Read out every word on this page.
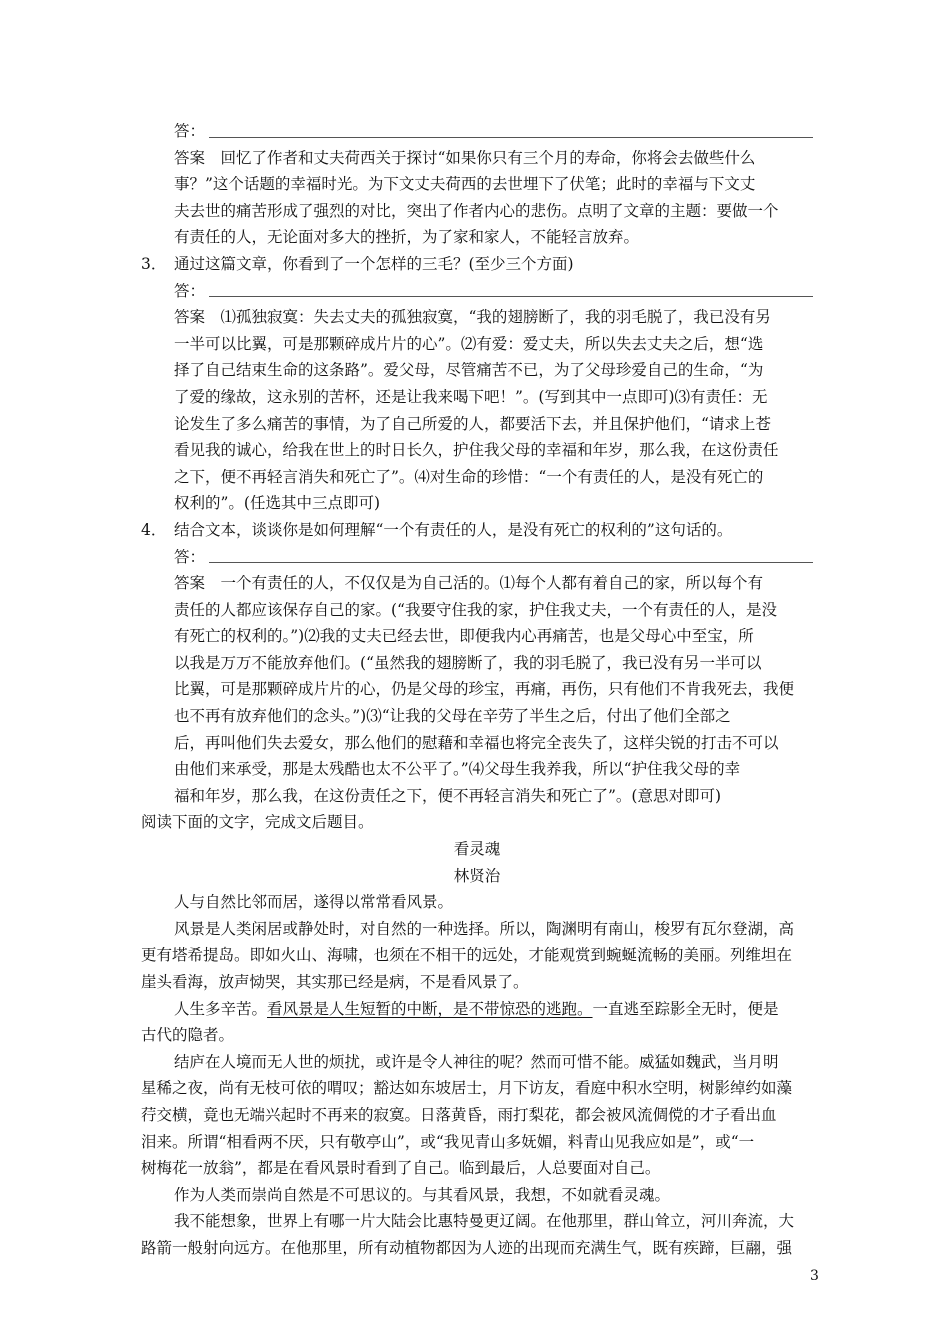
答：
答案　回忆了作者和丈夫荷西关于探讨“如果你只有三个月的寿命，你将会去做些什么
事？”这个话题的幸福时光。为下文丈夫荷西的去世埋下了伏笔；此时的幸福与下文丈
夫去世的痛苦形成了强烈的对比，突出了作者内心的悲伤。点明了文章的主题：要做一个
有责任的人，无论面对多大的挫折，为了家和家人，不能轻言放弃。
3． 通过这篇文章，你看到了一个怎样的三毛？(至少三个方面)
答：
答案　⑴孤独寂寞：失去丈夫的孤独寂寞，“我的翅膀断了，我的羽毛脱了，我已没有另
一半可以比翼，可是那颗碎成片片的心”。⑵有爱：爱丈夫，所以失去丈夫之后，想“选
择了自己结束生命的这条路”。爱父母，尽管痛苦不已，为了父母珍爱自己的生命，“为
了爱的缘故，这永别的苦杯，还是让我来喝下吧！”。(写到其中一点即可)⑶有责任：无
论发生了多么痛苦的事情，为了自己所爱的人，都要活下去，并且保护他们，“请求上苍
看见我的诚心，给我在世上的时日长久，护住我父母的幸福和年岁，那么我，在这份责任
之下，便不再轻言消失和死亡了”。⑷对生命的珍惜：“一个有责任的人，是没有死亡的
权利的”。(任选其中三点即可)
4． 结合文本，谈谈你是如何理解“一个有责任的人，是没有死亡的权利的”这句话的。
答：
答案　一个有责任的人，不仅仅是为自己活的。⑴每个人都有着自己的家，所以每个有
责任的人都应该保存自己的家。(“我要守住我的家，护住我丈夫，一个有责任的人，是没
有死亡的权利的。”)⑵我的丈夫已经去世，即便我内心再痛苦，也是父母心中至宝，所
以我是万万不能放弃他们。(“虽然我的翅膀断了，我的羽毛脱了，我已没有另一半可以
比翼，可是那颗碎成片片的心，仍是父母的珍宝，再痛，再伤，只有他们不肯我死去，我便
也不再有放弃他们的念头。”)⑶“让我的父母在辛劳了半生之后，付出了他们全部之
后，再叫他们失去爱女，那么他们的慰藉和幸福也将完全丧失了，这样尖锐的打击不可以
由他们来承受，那是太残酷也太不公平了。”⑷父母生我养我，所以“护住我父母的幸
福和年岁，那么我，在这份责任之下，便不再轻言消失和死亡了”。(意思对即可)
阅读下面的文字，完成文后题目。
看灵魂
林贤治
人与自然比邻而居，遂得以常常看风景。
风景是人类闲居或静处时，对自然的一种选择。所以，陶渊明有南山，梭罗有瓦尔登湖，高
更有塔希提岛。即如火山、海啸，也须在不相干的远处，才能观赏到蜿蜒流畅的美丽。列维坦在
崖头看海，放声恸哭，其实那已经是病，不是看风景了。
人生多辛苦。看风景是人生短暂的中断，是不带惊恐的逃跑。一直逃至踪影全无时，便是
古代的隐者。
结庐在人境而无人世的烦扰，或许是令人神往的呢？然而可惜不能。威猛如魏武，当月明
星稀之夜，尚有无枝可依的喟叹；豁达如东坡居士，月下访友，看庭中积水空明，树影绰约如藻
荇交横，竟也无端兴起时不再来的寂寞。日落黄昏，雨打梨花，都会被风流倜傥的才子看出血
泪来。所谓“相看两不厌，只有敬亭山”，或“我见青山多妩媚，料青山见我应如是”，或“一
树梅花一放翁”，都是在看风景时看到了自己。临到最后，人总要面对自己。
作为人类而崇尚自然是不可思议的。与其看风景，我想，不如就看灵魂。
我不能想象，世界上有哪一片大陆会比惠特曼更辽阔。在他那里，群山耸立，河川奔流，大
路箭一般射向远方。在他那里，所有动植物都因为人迹的出现而充满生气，既有疾蹄，巨翮，强
3
